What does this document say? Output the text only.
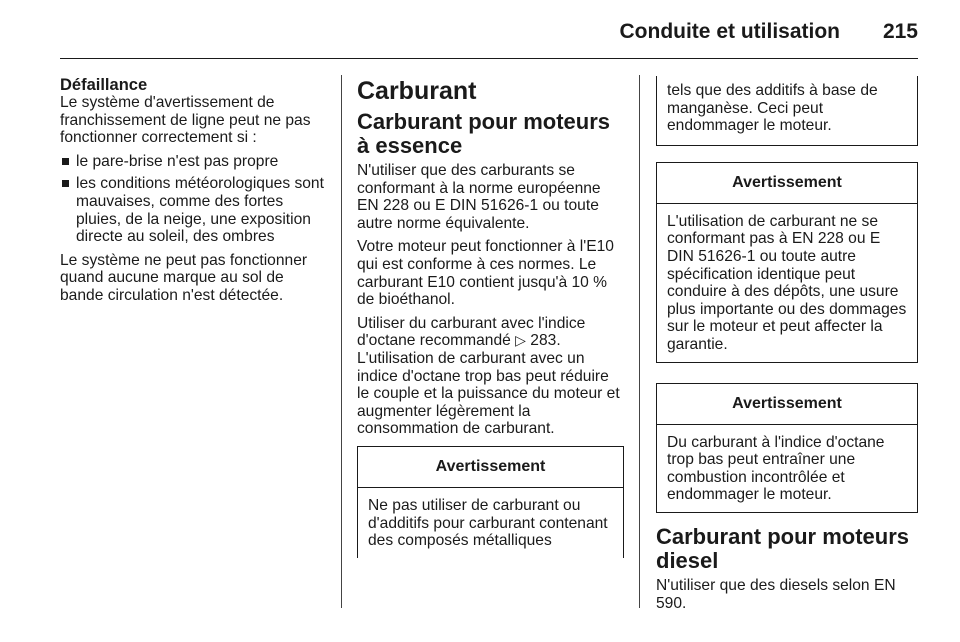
Conduite et utilisation 215
Défaillance

Le système d'avertissement de franchissement de ligne peut ne pas fonctionner correctement si :

le pare-brise n'est pas propre
les conditions météorologiques sont mauvaises, comme des fortes pluies, de la neige, une exposition directe au soleil, des ombres

Le système ne peut pas fonctionner quand aucune marque au sol de bande circulation n'est détectée.

Carburant
Carburant pour moteurs à essence

N'utiliser que des carburants se conformant à la norme européenne EN 228 ou E DIN 51626-1 ou toute autre norme équivalente.

Votre moteur peut fonctionner à l'E10 qui est conforme à ces normes. Le carburant E10 contient jusqu'à 10 % de bioéthanol.

Utiliser du carburant avec l'indice d'octane recommandé ▷ 283. L'utilisation de carburant avec un indice d'octane trop bas peut réduire le couple et la puissance du moteur et augmenter légèrement la consommation de carburant.

Avertissement
Ne pas utiliser de carburant ou d'additifs pour carburant contenant des composés métalliques
tels que des additifs à base de manganèse. Ceci peut endommager le moteur.
Avertissement
L'utilisation de carburant ne se conformant pas à EN 228 ou E DIN 51626-1 ou toute autre spécification identique peut conduire à des dépôts, une usure plus importante ou des dommages sur le moteur et peut affecter la garantie.
Avertissement
Du carburant à l'indice d'octane trop bas peut entraîner une combustion incontrôlée et endommager le moteur.
Carburant pour moteurs diesel

N'utiliser que des diesels selon EN 590.
